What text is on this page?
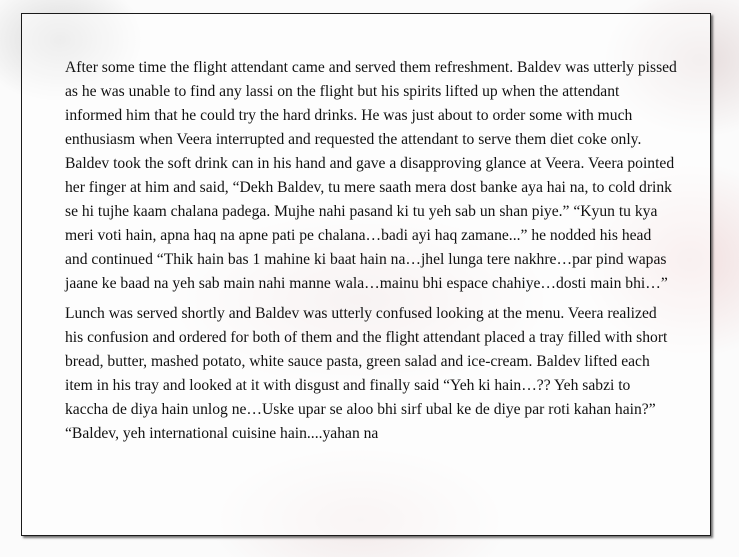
After some time the flight attendant came and served them refreshment. Baldev was utterly pissed as he was unable to find any lassi on the flight but his spirits lifted up when the attendant informed him that he could try the hard drinks. He was just about to order some with much enthusiasm when Veera interrupted and requested the attendant to serve them diet coke only. Baldev took the soft drink can in his hand and gave a disapproving glance at Veera. Veera pointed her finger at him and said, “Dekh Baldev, tu mere saath mera dost banke aya hai na, to cold drink se hi tujhe kaam chalana padega. Mujhe nahi pasand ki tu yeh sab un shan piye.” “Kyun tu kya meri voti hain, apna haq na apne pati pe chalana…badi ayi haq zamane...” he nodded his head and continued “Thik hain bas 1 mahine ki baat hain na…jhel lunga tere nakhre…par pind wapas jaane ke baad na yeh sab main nahi manne wala…mainu bhi espace chahiye…dosti main bhi…”

Lunch was served shortly and Baldev was utterly confused looking at the menu. Veera realized his confusion and ordered for both of them and the flight attendant placed a tray filled with short bread, butter, mashed potato, white sauce pasta, green salad and ice-cream. Baldev lifted each item in his tray and looked at it with disgust and finally said “Yeh ki hain…?? Yeh sabzi to kaccha de diya hain unlog ne…Uske upar se aloo bhi sirf ubal ke de diye par roti kahan hain?” “Baldev, yeh international cuisine hain....yahan na
